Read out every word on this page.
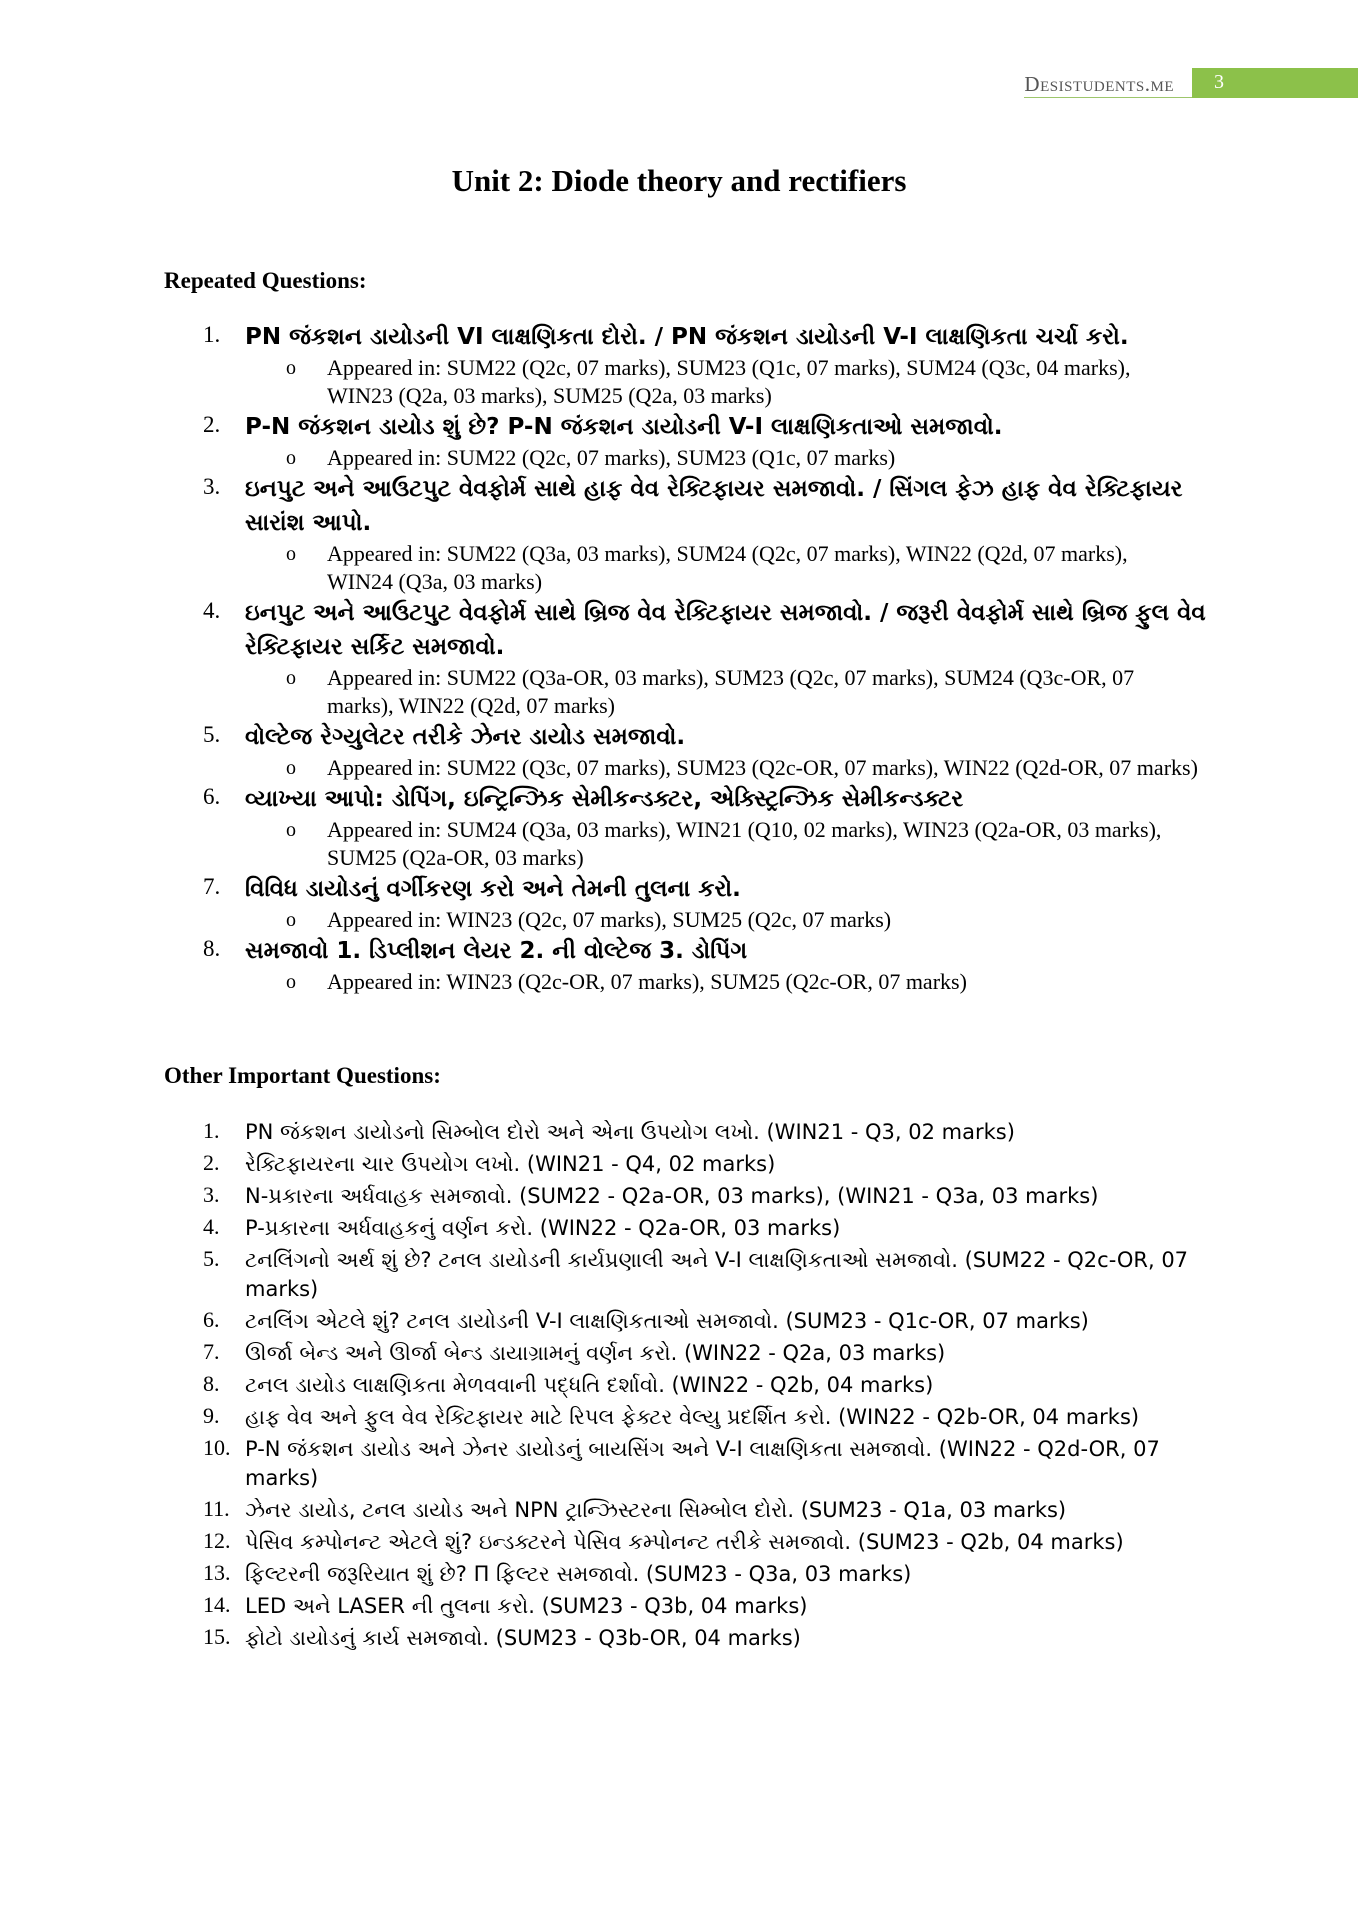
Desistudents.me	3
Unit 2: Diode theory and rectifiers
Repeated Questions:
1.	PN જંકશન ડાયોડની VI લાક્ષણિકતા દોરો. / PN જંકશન ડાયોડની V-I લાક્ષણિકતા ચર્ચા કરો.
o Appeared in: SUM22 (Q2c, 07 marks), SUM23 (Q1c, 07 marks), SUM24 (Q3c, 04 marks), WIN23 (Q2a, 03 marks), SUM25 (Q2a, 03 marks)
2.	P-N જંકશન ડાયોડ શું છે? P-N જંકશન ડાયોડની V-I લાક્ષણિકતાઓ સમજાવો.
o Appeared in: SUM22 (Q2c, 07 marks), SUM23 (Q1c, 07 marks)
3.	ઇનપુટ અને આઉટપુટ વેવફોર્મ સાથે હાફ વેવ રેક્ટિફાયર સમજાવો. / સિંગલ ફેઝ હાફ વેવ રેક્ટિફાયર સારાંશ આપો.
o Appeared in: SUM22 (Q3a, 03 marks), SUM24 (Q2c, 07 marks), WIN22 (Q2d, 07 marks), WIN24 (Q3a, 03 marks)
4.	ઇનપુટ અને આઉટપુટ વેવફોર્મ સાથે બ્રિજ વેવ રેક્ટિફાયર સમજાવો. / જરૂરી વેવફોર્મ સાથે બ્રિજ ફુલ વેવ રેક્ટિફાયર સર્કિટ સમજાવો.
o Appeared in: SUM22 (Q3a-OR, 03 marks), SUM23 (Q2c, 07 marks), SUM24 (Q3c-OR, 07 marks), WIN22 (Q2d, 07 marks)
5.	વોલ્ટેજ રેગ્યુલેટર તરીકે ઝેનર ડાયોડ સમજાવો.
o Appeared in: SUM22 (Q3c, 07 marks), SUM23 (Q2c-OR, 07 marks), WIN22 (Q2d-OR, 07 marks)
6.	વ્યાખ્યા આપો: ડોપિંગ, ઇન્ટ્રિન્ઝિક સેમીકન્ડક્ટર, એક્સ્ટ્રિન્ઝિક સેમીકન્ડક્ટર
o Appeared in: SUM24 (Q3a, 03 marks), WIN21 (Q10, 02 marks), WIN23 (Q2a-OR, 03 marks), SUM25 (Q2a-OR, 03 marks)
7.	વિવિધ ડાયોડનું વર્ગીકરણ કરો અને તેમની તુલના કરો.
o Appeared in: WIN23 (Q2c, 07 marks), SUM25 (Q2c, 07 marks)
8.	સમજાવો 1. ડિપ્લીશન લેયર 2. ની વોલ્ટેજ 3. ડોપિંગ
o Appeared in: WIN23 (Q2c-OR, 07 marks), SUM25 (Q2c-OR, 07 marks)
Other Important Questions:
1.	PN જંકશન ડાયોડનો સિમ્બોલ દોરો અને એના ઉપયોગ લખો. (WIN21 - Q3, 02 marks)
2.	રેક્ટિફાયરના ચાર ઉપયોગ લખો. (WIN21 - Q4, 02 marks)
3.	N-પ્રકારના અર્ધવાહક સમજાવો. (SUM22 - Q2a-OR, 03 marks), (WIN21 - Q3a, 03 marks)
4.	P-પ્રકારના અર્ધવાહકનું વર્ણન કરો. (WIN22 - Q2a-OR, 03 marks)
5.	ટનલિંગનો અર્થ શું છે? ટનલ ડાયોડની કાર્યપ્રણાલી અને V-I લાક્ષણિકતાઓ સમજાવો. (SUM22 - Q2c-OR, 07 marks)
6.	ટનલિંગ એટલે શું? ટનલ ડાયોડની V-I લાક્ષણિકતાઓ સમજાવો. (SUM23 - Q1c-OR, 07 marks)
7.	ઊર્જા બેન્ડ અને ઊર્જા બેન્ડ ડાયાગ્રામનું વર્ણન કરો. (WIN22 - Q2a, 03 marks)
8.	ટનલ ડાયોડ લાક્ષણિકતા મેળવવાની પદ્ધતિ દર્શાવો. (WIN22 - Q2b, 04 marks)
9.	હાફ વેવ અને ફુલ વેવ રેક્ટિફાયર માટે રિપલ ફેક્ટર વેલ્યુ પ્રદર્શિત કરો. (WIN22 - Q2b-OR, 04 marks)
10. P-N જંકશન ડાયોડ અને ઝેનર ડાયોડનું બાયસિંગ અને V-I લાક્ષણિકતા સમજાવો. (WIN22 - Q2d-OR, 07 marks)
11. ઝેનર ડાયોડ, ટનલ ડાયોડ અને NPN ટ્રાન્ઝિસ્ટરના સિમ્બોલ દોરો. (SUM23 - Q1a, 03 marks)
12. પેસિવ કમ્પોનન્ટ એટલે શું? ઇન્ડક્ટરને પેસિવ કમ્પોનન્ટ તરીકે સમજાવો. (SUM23 - Q2b, 04 marks)
13. ફિલ્ટરની જરૂરિયાત શું છે? Π ફિલ્ટર સમજાવો. (SUM23 - Q3a, 03 marks)
14. LED અને LASER ની તુલના કરો. (SUM23 - Q3b, 04 marks)
15. ફોટો ડાયોડનું કાર્ય સમજાવો. (SUM23 - Q3b-OR, 04 marks)
